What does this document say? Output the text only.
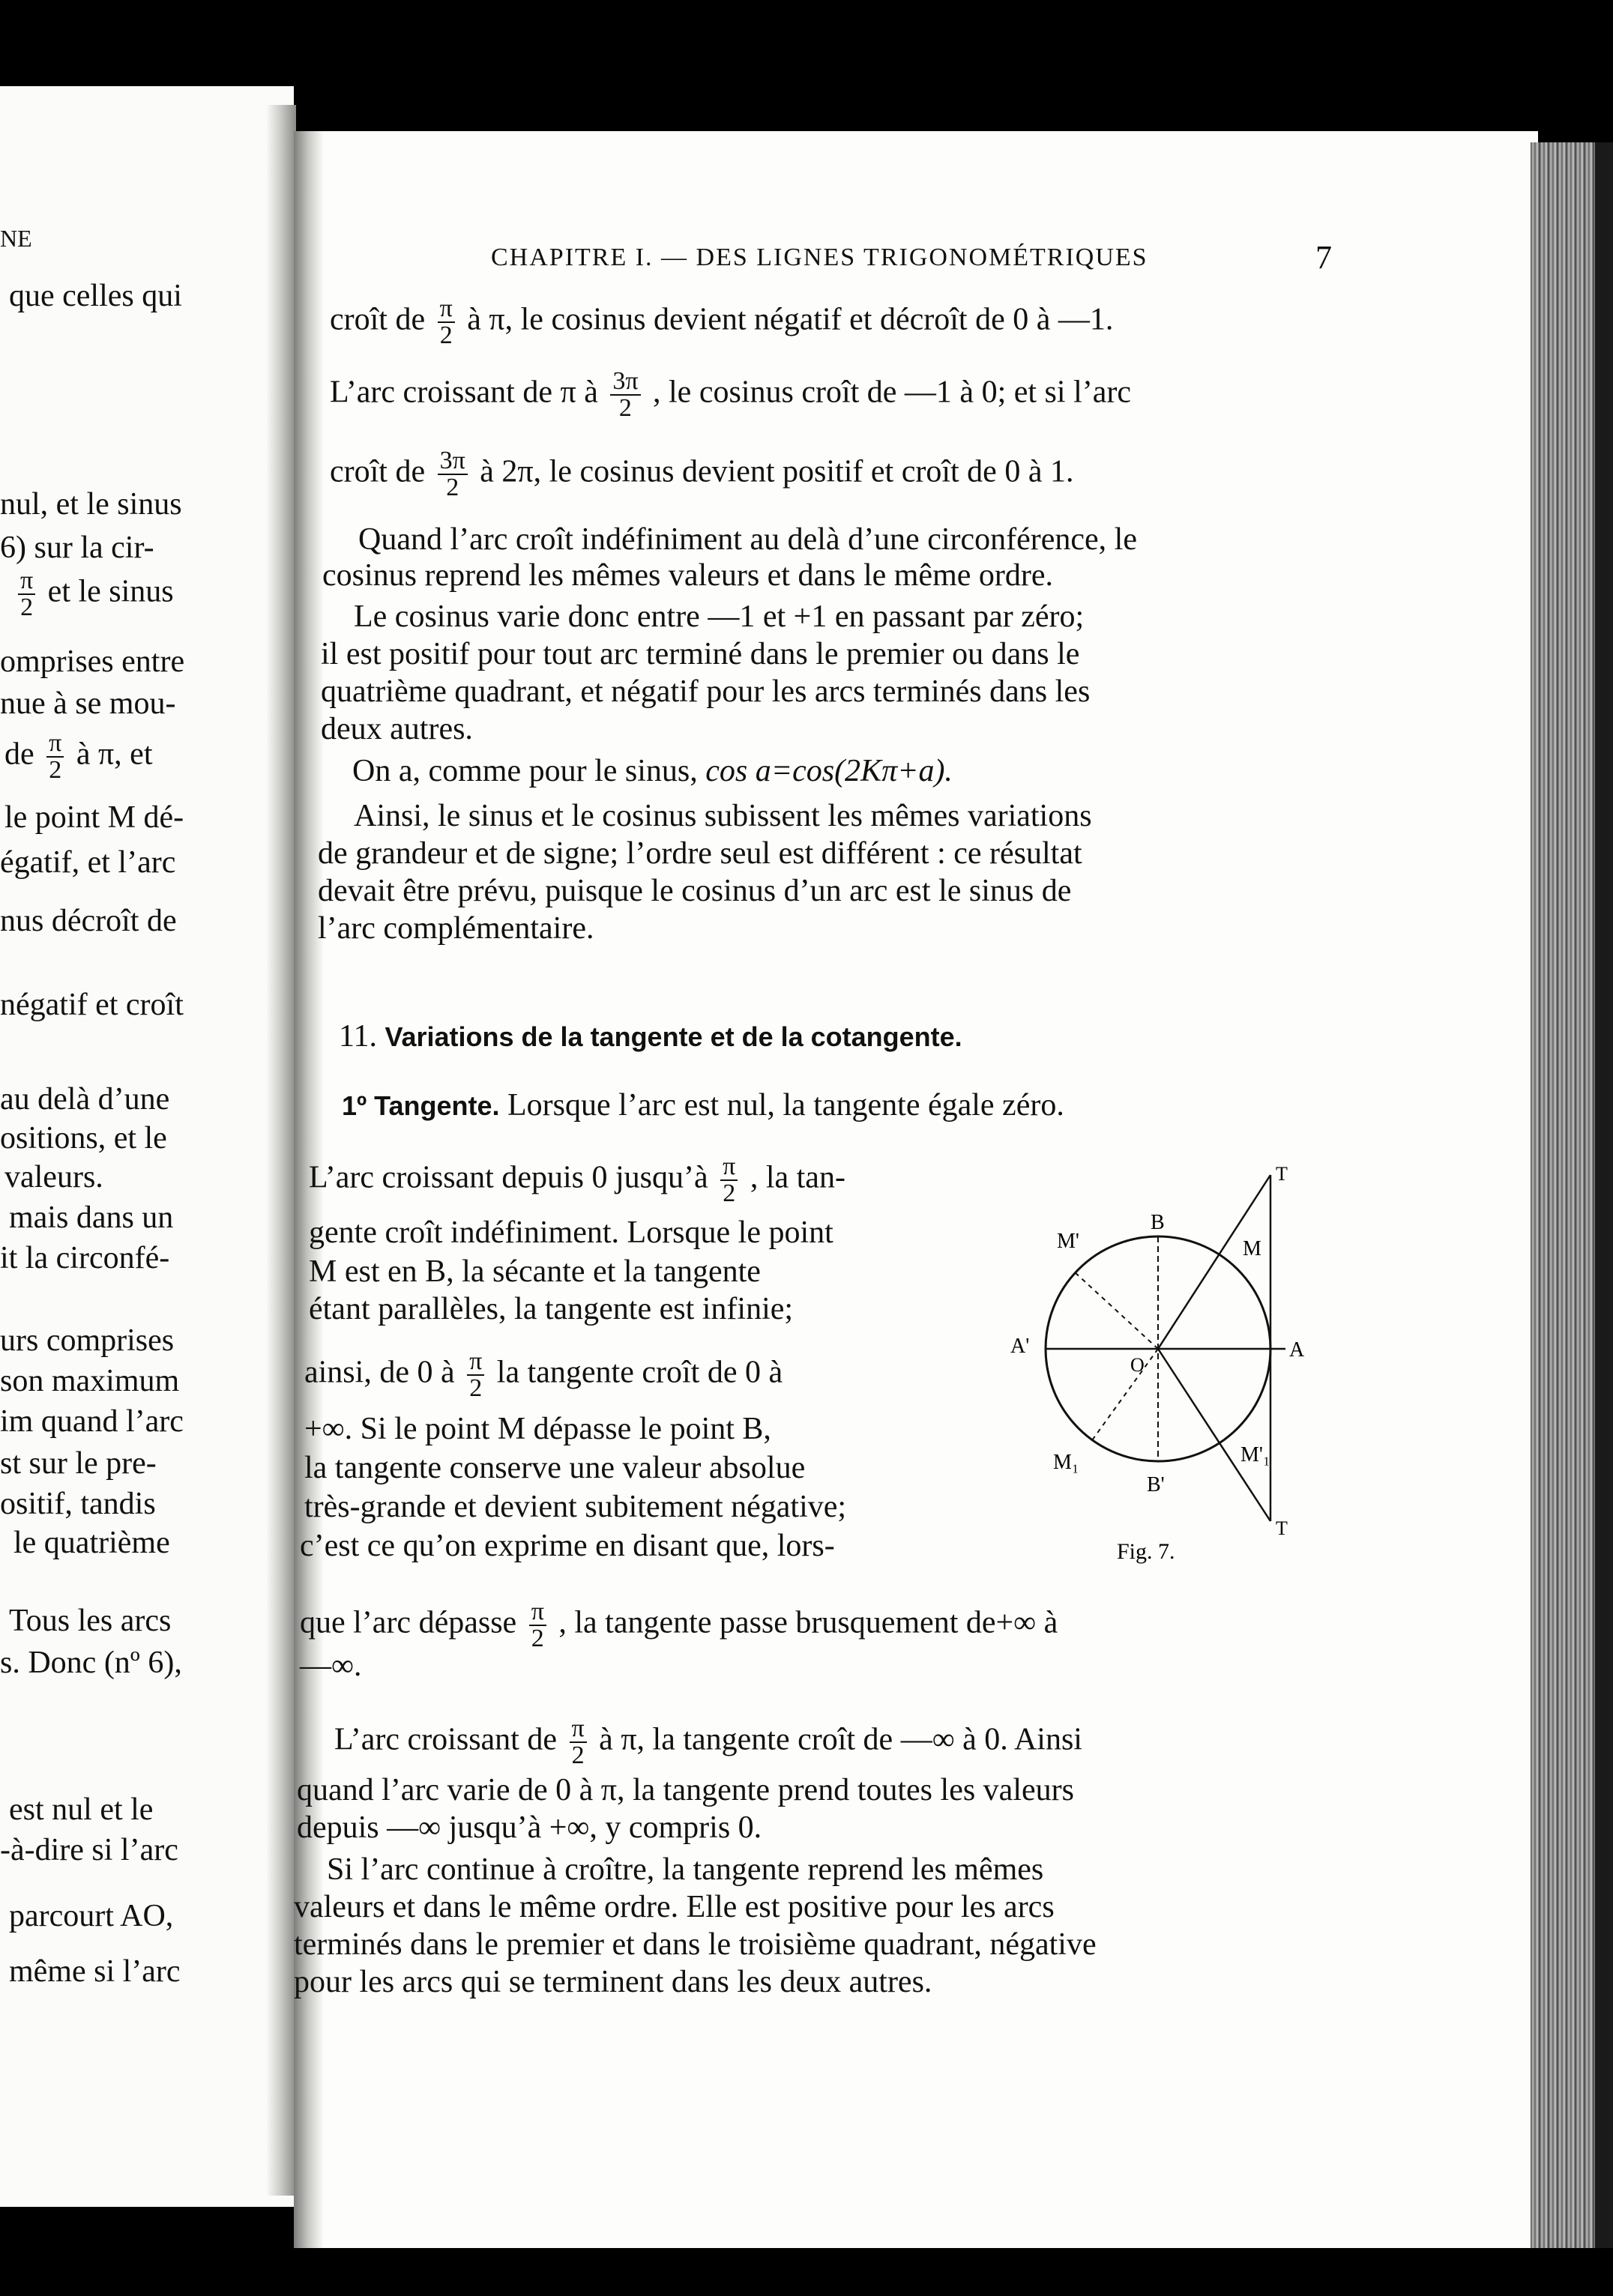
NE
que celles qui
nul, et le sinus
6) sur la cir-
$\frac{\pi}{2}$ et le sinus
omprises entre
nue à se mou-
de $\frac{\pi}{2}$ à π, et
le point M dé-
égatif, et l’arc
nus décroît de
négatif et croît
au delà d’une
ositions, et le
valeurs.
mais dans un
it la circonfé-
urs comprises
son maximum
im quand l’arc
st sur le pre-
ositif, tandis
le quatrième
Tous les arcs
s. Donc (nº 6),
est nul et le
-à-dire si l’arc
parcourt AO,
même si l’arc
CHAPITRE I. — DES LIGNES TRIGONOMÉTRIQUES	7
croît de $\frac{\pi}{2}$ à π, le cosinus devient négatif et décroît de 0 à —1.
L’arc croissant de π à $\frac{3\pi}{2}$ , le cosinus croît de —1 à 0; et si l’arc
croît de $\frac{3\pi}{2}$ à 2π, le cosinus devient positif et croît de 0 à 1.
Quand l’arc croît indéfiniment au delà d’une circonférence, le
cosinus reprend les mêmes valeurs et dans le même ordre.
Le cosinus varie donc entre —1 et +1 en passant par zéro;
il est positif pour tout arc terminé dans le premier ou dans le
quatrième quadrant, et négatif pour les arcs terminés dans les
deux autres.
On a, comme pour le sinus, cos a=cos(2Kπ+a).
Ainsi, le sinus et le cosinus subissent les mêmes variations
de grandeur et de signe; l’ordre seul est différent : ce résultat
devait être prévu, puisque le cosinus d’un arc est le sinus de
l’arc complémentaire.
11. Variations de la tangente et de la cotangente.
1º Tangente. Lorsque l’arc est nul, la tangente égale zéro.
L’arc croissant depuis 0 jusqu’à $\frac{\pi}{2}$ , la tan-
gente croît indéfiniment. Lorsque le point
M est en B, la sécante et la tangente
étant parallèles, la tangente est infinie;
ainsi, de 0 à $\frac{\pi}{2}$ la tangente croît de 0 à
+∞. Si le point M dépasse le point B,
la tangente conserve une valeur absolue
très-grande et devient subitement négative;
c’est ce qu’on exprime en disant que, lors-
que l’arc dépasse $\frac{\pi}{2}$ , la tangente passe brusquement de+∞ à
—∞.
L’arc croissant de $\frac{\pi}{2}$ à π, la tangente croît de —∞ à 0. Ainsi
quand l’arc varie de 0 à π, la tangente prend toutes les valeurs
depuis —∞ jusqu’à +∞, y compris 0.
Si l’arc continue à croître, la tangente reprend les mêmes
valeurs et dans le même ordre. Elle est positive pour les arcs
terminés dans le premier et dans le troisième quadrant, négative
pour les arcs qui se terminent dans les deux autres.
B
B'
A
A'
O
M
M'
M₁	M'₁
T
T
Fig. 7.
